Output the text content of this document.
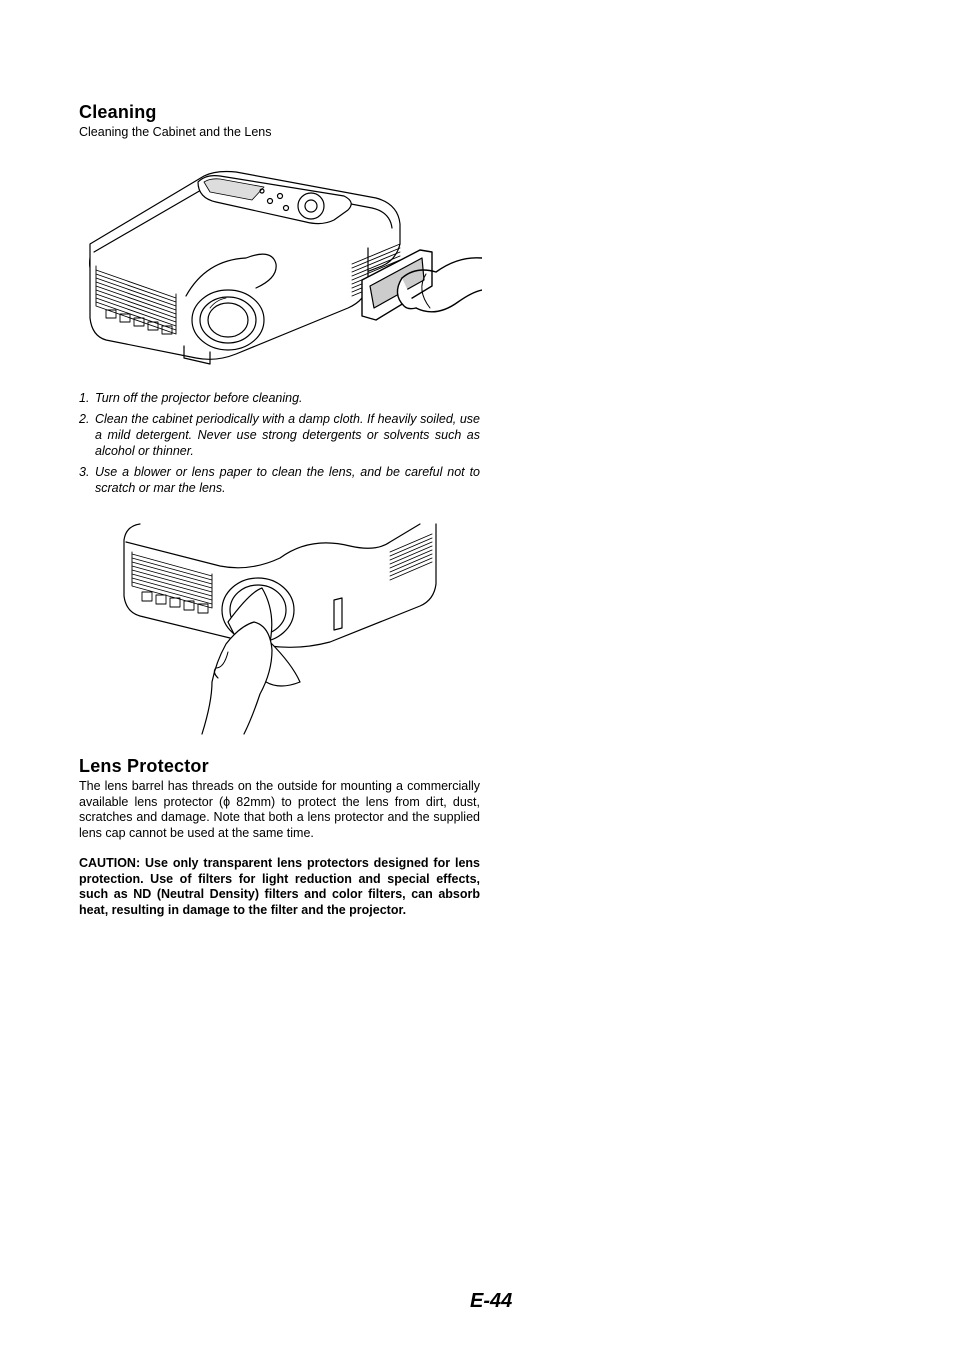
Cleaning
Cleaning the Cabinet and the Lens
1. Turn off the projector before cleaning.
2. Clean the cabinet periodically with a damp cloth. If heavily soiled, use a mild detergent. Never use strong detergents or solvents such as alcohol or thinner.
3. Use a blower or lens paper to clean the lens, and be careful not to scratch or mar the lens.
Lens Protector

The lens barrel has threads on the outside for mounting a commercially available lens protector (ϕ 82mm) to protect the lens from dirt, dust, scratches and damage. Note that both a lens protector and the supplied lens cap cannot be used at the same time.

CAUTION: Use only transparent lens protectors designed for lens protection. Use of filters for light reduction and special effects, such as ND (Neutral Density) filters and color filters, can absorb heat, resulting in damage to the filter and the projector.

E-44
